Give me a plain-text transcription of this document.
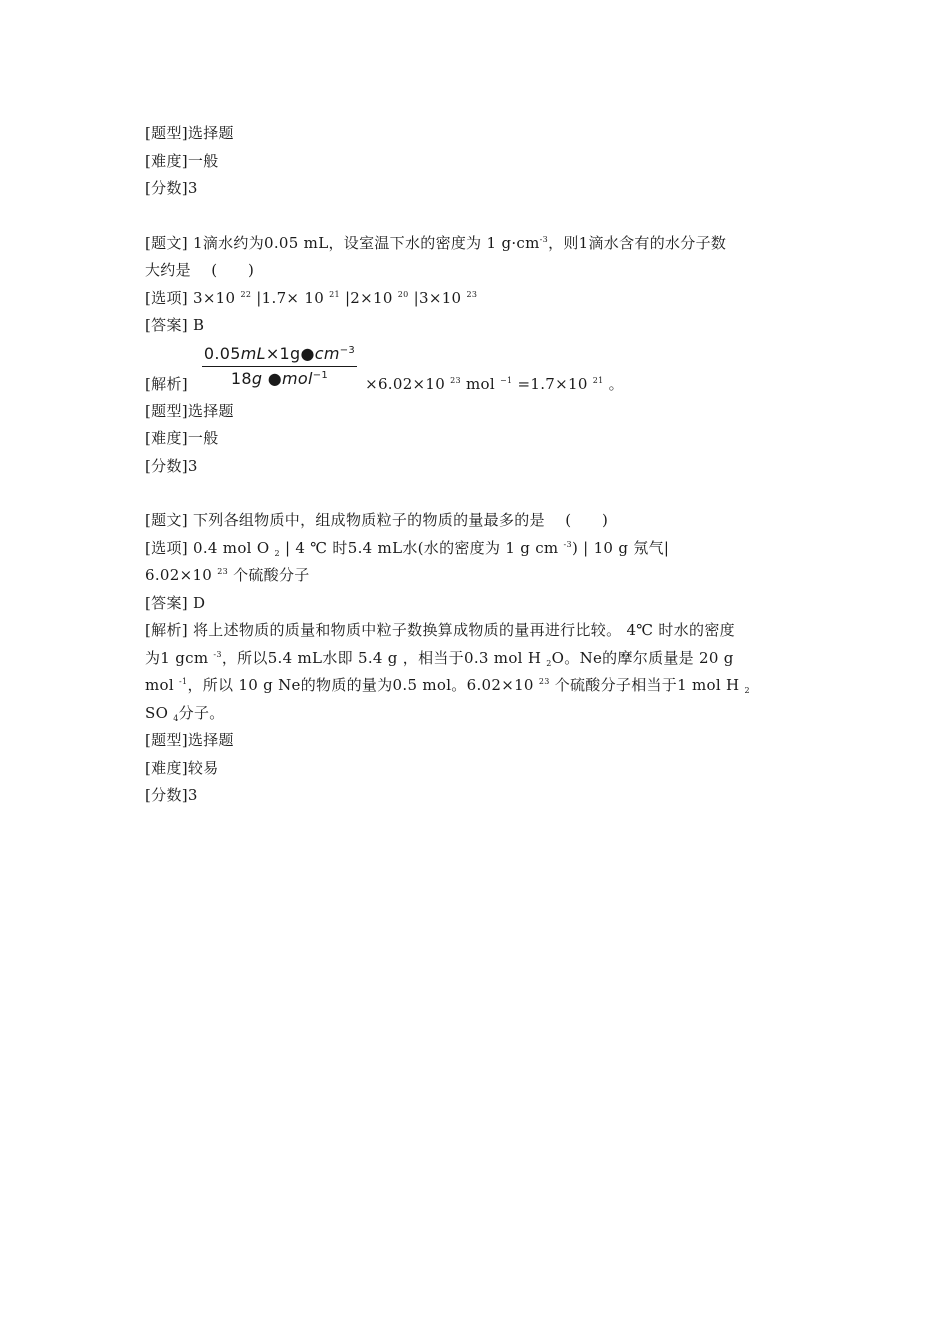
[题型]选择题
[难度]一般
[分数]3
[题文] 1滴水约为0.05 mL，设室温下水的密度为 1 $g\cdot cm^{-3}$，则1滴水含有的水分子数
大约是　 (　　)
[选项] 3×10 $^{22}$ |1.7× 10 $^{21}$ |2×10 $^{20}$ |3×10 $^{23}$
[答案] B
[解析] $\frac{0.05mL\times 1g●cm^{-3}}{18g ●mol^{-1}} \times 6.02\times 10$ $^{23}$ mol $^{-1}$ =1.7×10 $^{21}$ 。
[题型]选择题
[难度]一般
[分数]3
[题文] 下列各组物质中，组成物质粒子的物质的量最多的是 　(　　)
[选项] 0.4 mol O $_2$ | 4 ℃ 时5.4 mL水(水的密度为 1 g cm $^{-3}$) | 10 g 氖气|
6.02×10 $^{23}$ 个硫酸分子
[答案] D
[解析] 将上述物质的质量和物质中粒子数换算成物质的量再进行比较。 4℃ 时水的密度
为1 gcm $^{-3}$，所以5.4 mL水即 5.4 g ，相当于0.3 mol H $_2$O。Ne的摩尔质量是 20 g
mol $^{-1}$，所以 10 g Ne的物质的量为0.5 mol。6.02×10 $^{23}$ 个硫酸分子相当于1 mol H $_2$
SO $_4$分子。
[题型]选择题
[难度]较易
[分数]3
